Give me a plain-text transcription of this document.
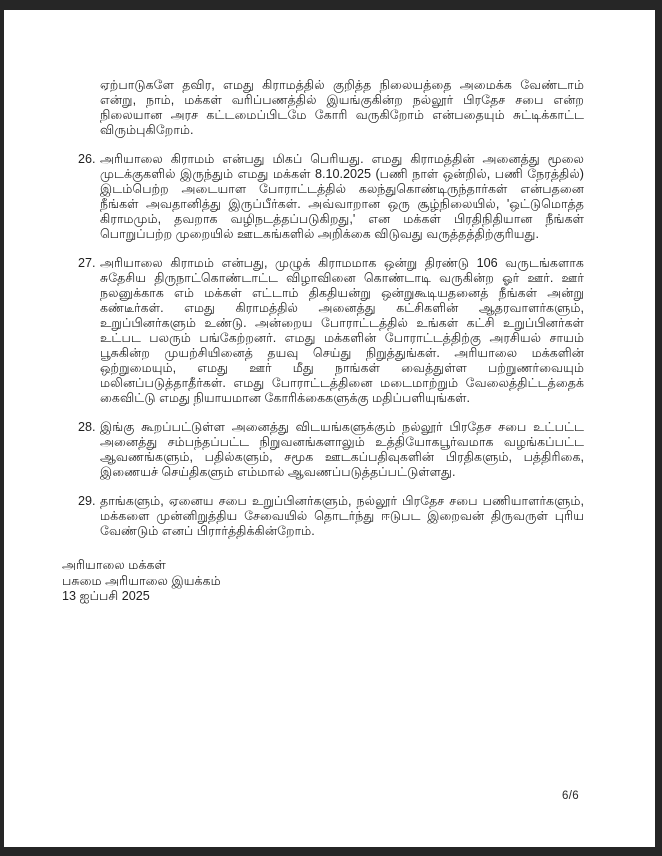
ஏற்பாடுகளே தவிர, எமது கிராமத்தில் குறித்த நிலையத்தை அமைக்க வேண்டாம் என்று, நாம், மக்கள் வரிப்பணத்தில் இயங்குகின்ற நல்லூர் பிரதேச சபை என்ற நிலையான அரச கட்டமைப்பிடமே கோரி வருகிறோம் என்பதையும் சுட்டிக்காட்ட விரும்புகிறோம்.

26. அரியாலை கிராமம் என்பது மிகப் பெரியது. எமது கிராமத்தின் அனைத்து மூலை முடக்குகளில் இருந்தும் எமது மக்கள் 8.10.2025 (பணி நாள் ஒன்றில், பணி நேரத்தில்) இடம்பெற்ற அடையாள போராட்டத்தில் கலந்துகொண்டிருந்தார்கள் என்பதனை நீங்கள் அவதானித்து இருப்பீர்கள். அவ்வாறான ஒரு சூழ்நிலையில், 'ஒட்டுமொத்த கிராமமும், தவறாக வழிநடத்தப்படுகிறது,' என மக்கள் பிரதிநிதியான நீங்கள் பொறுப்பற்ற முறையில் ஊடகங்களில் அறிக்கை விடுவது வருத்தத்திற்குரியது.
27. அரியாலை கிராமம் என்பது, முழுக் கிராமமாக ஒன்று திரண்டு 106 வருடங்களாக சுதேசிய திருநாட்கொண்டாட்ட விழாவினை கொண்டாடி வருகின்ற ஓர் ஊர். ஊர் நலனுக்காக எம் மக்கள் எட்டாம் திகதியன்று ஒன்றுகூடியதனைத் நீங்கள் அன்று கண்டீர்கள். எமது கிராமத்தில் அனைத்து கட்சிகளின் ஆதரவாளர்களும், உறுப்பினர்களும் உண்டு. அன்றைய போராட்டத்தில் உங்கள் கட்சி உறுப்பினர்கள் உட்பட பலரும் பங்கேற்றனர். எமது மக்களின் போராட்டத்திற்கு அரசியல் சாயம் பூசுகின்ற முயற்சியினைத் தயவு செய்து நிறுத்துங்கள். அரியாலை மக்களின் ஒற்றுமையும், எமது ஊர் மீது நாங்கள் வைத்துள்ள பற்றுணர்வையும் மலினப்படுத்தாதீர்கள். எமது போராட்டத்தினை மடைமாற்றும் வேலைத்திட்டத்தைக் கைவிட்டு எமது நியாயமான கோரிக்கைகளுக்கு மதிப்பளியுங்கள்.
28. இங்கு கூறப்பட்டுள்ள அனைத்து விடயங்களுக்கும் நல்லூர் பிரதேச சபை உட்பட்ட அனைத்து சம்பந்தப்பட்ட நிறுவனங்களாலும் உத்தியோகபூர்வமாக வழங்கப்பட்ட ஆவணங்களும், பதில்களும், சமூக ஊடகப்பதிவுகளின் பிரதிகளும், பத்திரிகை, இணையச் செய்திகளும் எம்மால் ஆவணப்படுத்தப்பட்டுள்ளது.
29. தாங்களும், ஏனைய சபை உறுப்பினர்களும், நல்லூர் பிரதேச சபை பணியாளர்களும், மக்களை முன்னிறுத்திய சேவையில் தொடர்ந்து ஈடுபட இறைவன் திருவருள் புரிய வேண்டும் எனப் பிரார்த்திக்கின்றோம்.
அரியாலை மக்கள்
பசுமை அரியாலை இயக்கம்
13 ஐப்பசி 2025
6/6
